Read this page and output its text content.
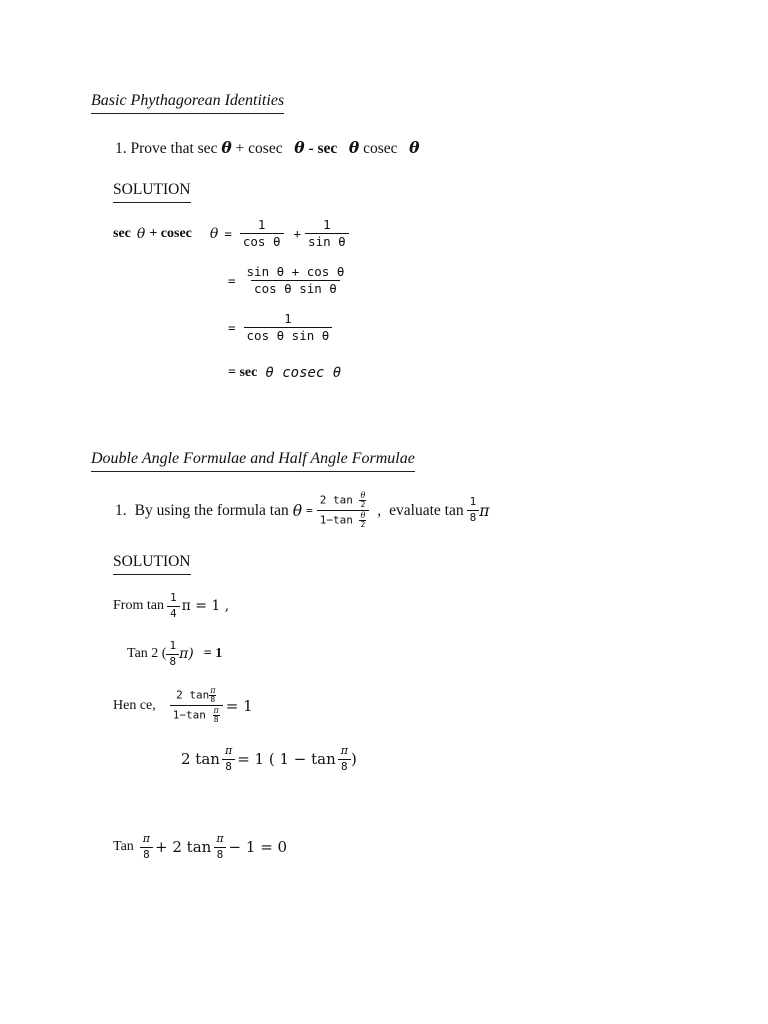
Basic Phythagorean Identities
1. Prove that sec θ + cosec θ - sec θ cosec θ
SOLUTION
sec θ + cosec $\theta = \frac{1}{\text{cos θ}} + \frac{1}{\text{sin θ}}$
= $\frac{\text{sin θ + cos θ}}{\text{cos θ sin θ}}$
= $\frac{1}{\text{cos θ sin θ}}$
= sec θ cosec θ
Double Angle Formulae and Half Angle Formulae
1. By using the formula $\tan \theta = \frac{2 \tan \frac{\theta}{2}}{1-\tan \frac{\theta}{2}}$ , evaluate $\tan \frac{1}{8}$ π
SOLUTION
From $\tan \frac{1}{4}$ π = 1 ,
Tan 2 ( $\frac{1}{8} \pi) = 1$
Hen ce, $\frac{2 \tan \frac{\pi}{8}}{1-\tan \frac{\pi}{8}} = 1$
2 $\tan \frac{\pi}{8} = 1$ ( $1 - \tan \frac{\pi}{8}$ )
Tan $\frac{\pi}{8} + 2$ $\tan \frac{\pi}{8} - 1 = 0$
